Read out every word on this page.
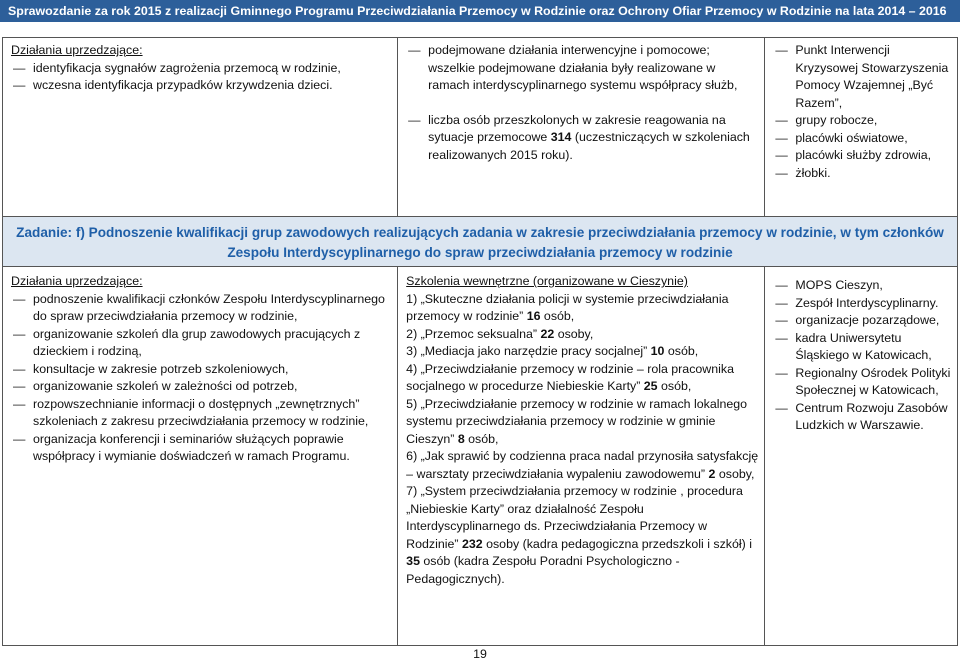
Sprawozdanie za rok 2015 z realizacji Gminnego Programu Przeciwdziałania Przemocy w Rodzinie oraz Ochrony Ofiar Przemocy w Rodzinie na lata 2014 – 2016
Działania uprzedzające:
— identyfikacja sygnałów zagrożenia przemocą w rodzinie,
— wczesna identyfikacja przypadków krzywdzenia dzieci.
— podejmowane działania interwencyjne i pomocowe; wszelkie podejmowane działania były realizowane w ramach interdyscyplinarnego systemu współpracy służb,
— liczba osób przeszkolonych w zakresie reagowania na sytuacje przemocowe 314 (uczestniczących w szkoleniach realizowanych 2015 roku).
— Punkt Interwencji Kryzysowej Stowarzyszenia Pomocy Wzajemnej „Być Razem”,
— grupy robocze,
— placówki oświatowe,
— placówki służby zdrowia,
— żłobki.
Zadanie: f) Podnoszenie kwalifikacji grup zawodowych realizujących zadania w zakresie przeciwdziałania przemocy w rodzinie, w tym członków Zespołu Interdyscyplinarnego do spraw przeciwdziałania przemocy w rodzinie
Działania uprzedzające:
— podnoszenie kwalifikacji członków Zespołu Interdyscyplinarnego do spraw przeciwdziałania przemocy w rodzinie,
— organizowanie szkoleń dla grup zawodowych pracujących z dzieckiem i rodziną,
— konsultacje w zakresie potrzeb szkoleniowych,
— organizowanie szkoleń w zależności od potrzeb,
— rozpowszechnianie informacji o dostępnych „zewnętrznych” szkoleniach z zakresu przeciwdziałania przemocy w rodzinie,
— organizacja konferencji i seminariów służących poprawie współpracy i wymianie doświadczeń w ramach Programu.
Szkolenia wewnętrzne (organizowane w Cieszynie)
1) „Skuteczne działania policji w systemie przeciwdziałania przemocy w rodzinie” 16 osób,
2) „Przemoc seksualna” 22 osoby,
3) „Mediacja jako narzędzie pracy socjalnej” 10 osób,
4) „Przeciwdziałanie przemocy w rodzinie – rola pracownika socjalnego w procedurze Niebieskie Karty” 25 osób,
5) „Przeciwdziałanie przemocy w rodzinie w ramach lokalnego systemu przeciwdziałania przemocy w rodzinie w gminie Cieszyn” 8 osób,
6) „Jak sprawić by codzienna praca nadal przynosiła satysfakcję – warsztaty przeciwdziałania wypaleniu zawodowemu” 2 osoby,
7) „System przeciwdziałania przemocy w rodzinie , procedura „Niebieskie Karty” oraz działalność Zespołu Interdyscyplinarnego ds. Przeciwdziałania Przemocy w Rodzinie” 232 osoby (kadra pedagogiczna przedszkoli i szkół) i 35 osób (kadra Zespołu Poradni Psychologiczno - Pedagogicznych).
— MOPS Cieszyn,
— Zespół Interdyscyplinarny.
— organizacje pozarządowe,
— kadra Uniwersytetu Śląskiego w Katowicach,
— Regionalny Ośrodek Polityki Społecznej w Katowicach,
— Centrum Rozwoju Zasobów Ludzkich w Warszawie.
19
